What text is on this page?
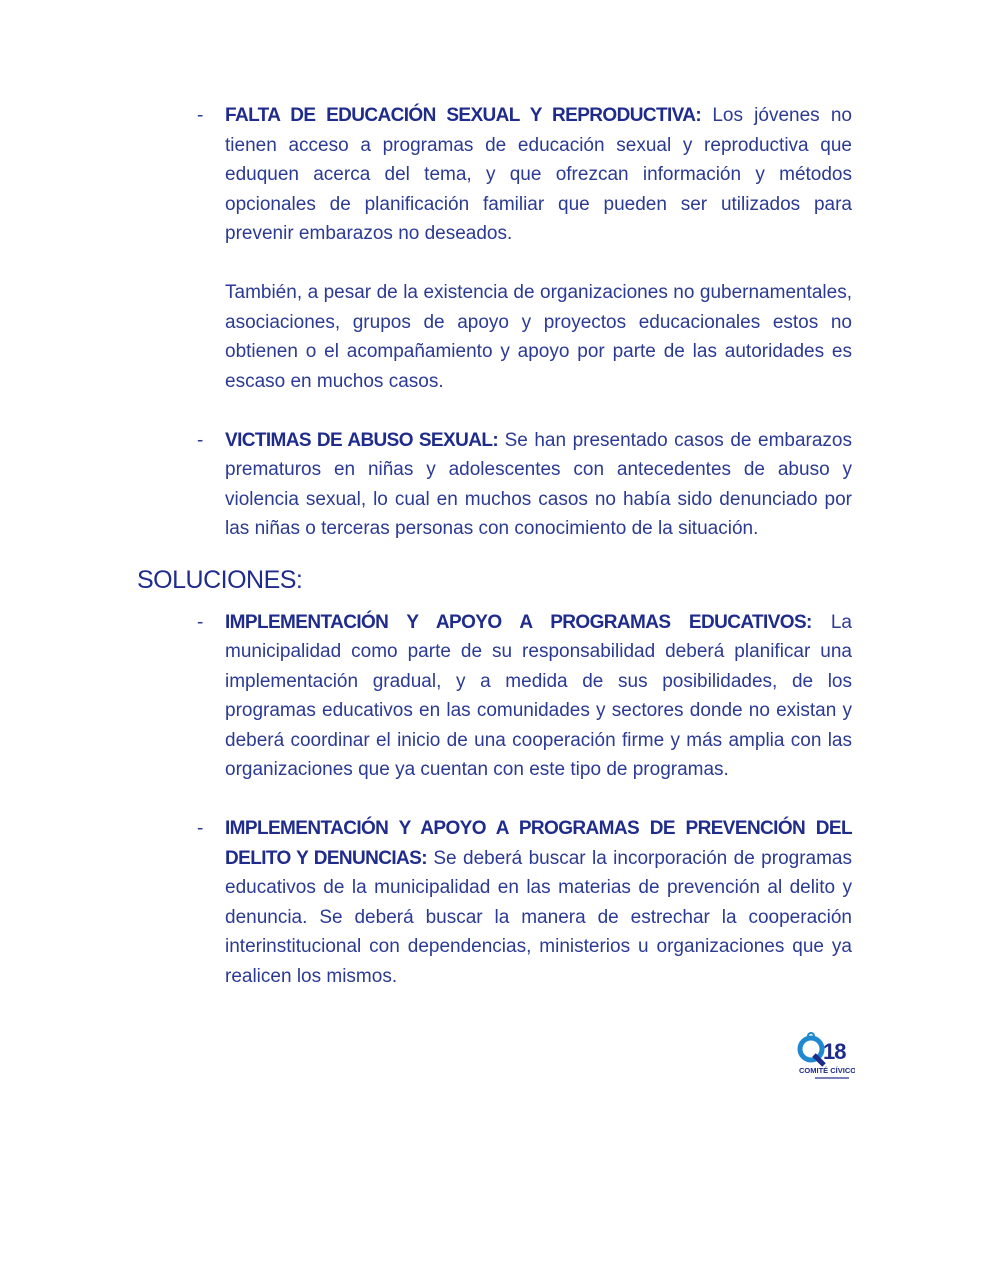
- FALTA DE EDUCACIÓN SEXUAL Y REPRODUCTIVA: Los jóvenes no tienen acceso a programas de educación sexual y reproductiva que eduquen acerca del tema, y que ofrezcan información y métodos opcionales de planificación familiar que pueden ser utilizados para prevenir embarazos no deseados.

También, a pesar de la existencia de organizaciones no gubernamentales, asociaciones, grupos de apoyo y proyectos educacionales estos no obtienen o el acompañamiento y apoyo por parte de las autoridades es escaso en muchos casos.

- VICTIMAS DE ABUSO SEXUAL: Se han presentado casos de embarazos prematuros en niñas y adolescentes con antecedentes de abuso y violencia sexual, lo cual en muchos casos no había sido denunciado por las niñas o terceras personas con conocimiento de la situación.

SOLUCIONES:
- IMPLEMENTACIÓN Y APOYO A PROGRAMAS EDUCATIVOS: La municipalidad como parte de su responsabilidad deberá planificar una implementación gradual, y a medida de sus posibilidades, de los programas educativos en las comunidades y sectores donde no existan y deberá coordinar el inicio de una cooperación firme y más amplia con las organizaciones que ya cuentan con este tipo de programas.

- IMPLEMENTACIÓN Y APOYO A PROGRAMAS DE PREVENCIÓN DEL DELITO Y DENUNCIAS: Se deberá buscar la incorporación de programas educativos de la municipalidad en las materias de prevención al delito y denuncia. Se deberá buscar la manera de estrechar la cooperación interinstitucional con dependencias, ministerios u organizaciones que ya realicen los mismos.

18
COMITÉ CÍVICO
